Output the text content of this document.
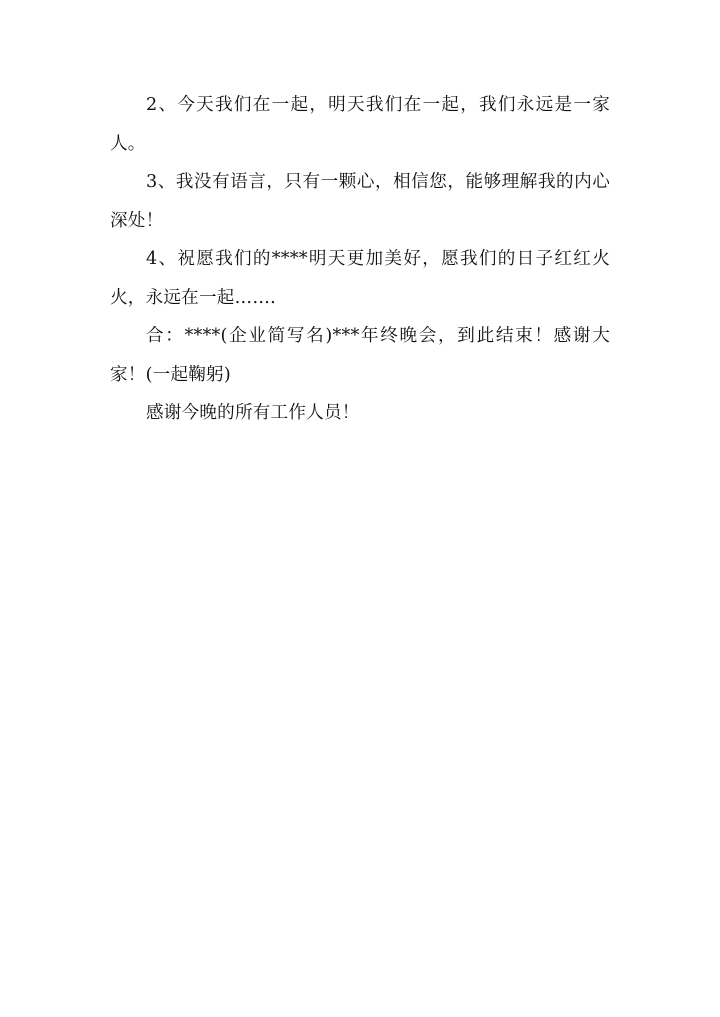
2、今天我们在一起，明天我们在一起，我们永远是一家人。

3、我没有语言，只有一颗心，相信您，能够理解我的内心深处！

4、祝愿我们的****明天更加美好，愿我们的日子红红火火，永远在一起…….

合：****(企业简写名)***年终晚会，到此结束！感谢大家！(一起鞠躬)

感谢今晚的所有工作人员！
